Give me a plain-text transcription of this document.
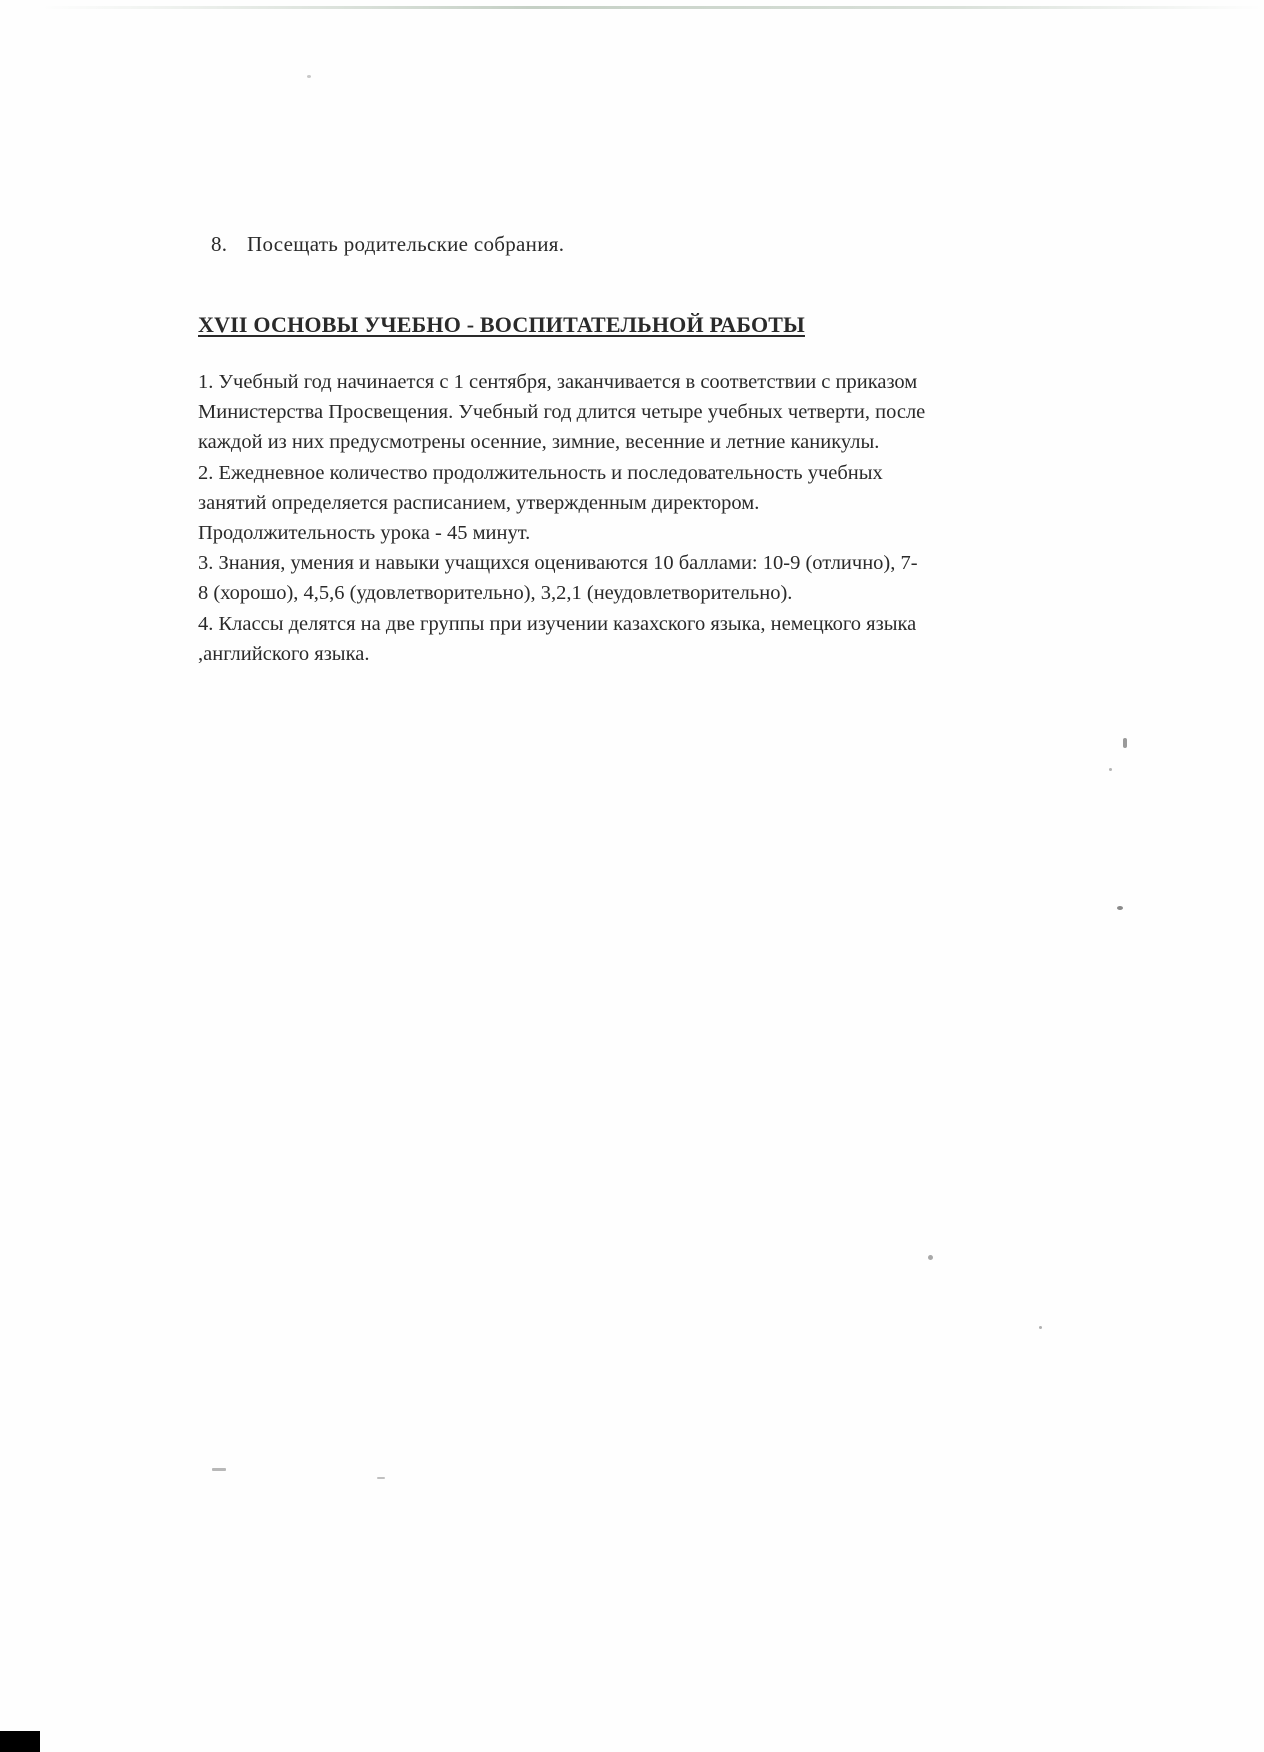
8. Посещать родительские собрания.
XVII ОСНОВЫ УЧЕБНО - ВОСПИТАТЕЛЬНОЙ РАБОТЫ

1. Учебный год начинается с 1 сентября, заканчивается в соответствии с приказом

Министерства Просвещения. Учебный год длится четыре учебных четверти, после

каждой из них предусмотрены осенние, зимние, весенние и летние каникулы.

2. Ежедневное количество продолжительность и последовательность учебных

занятий определяется расписанием, утвержденным директором.

Продолжительность урока - 45 минут.

3. Знания, умения и навыки учащихся оцениваются 10 баллами: 10-9 (отлично), 7-

8 (хорошо), 4,5,6 (удовлетворительно), 3,2,1 (неудовлетворительно).

4. Классы делятся на две группы при изучении казахского языка, немецкого языка

,английского языка.
